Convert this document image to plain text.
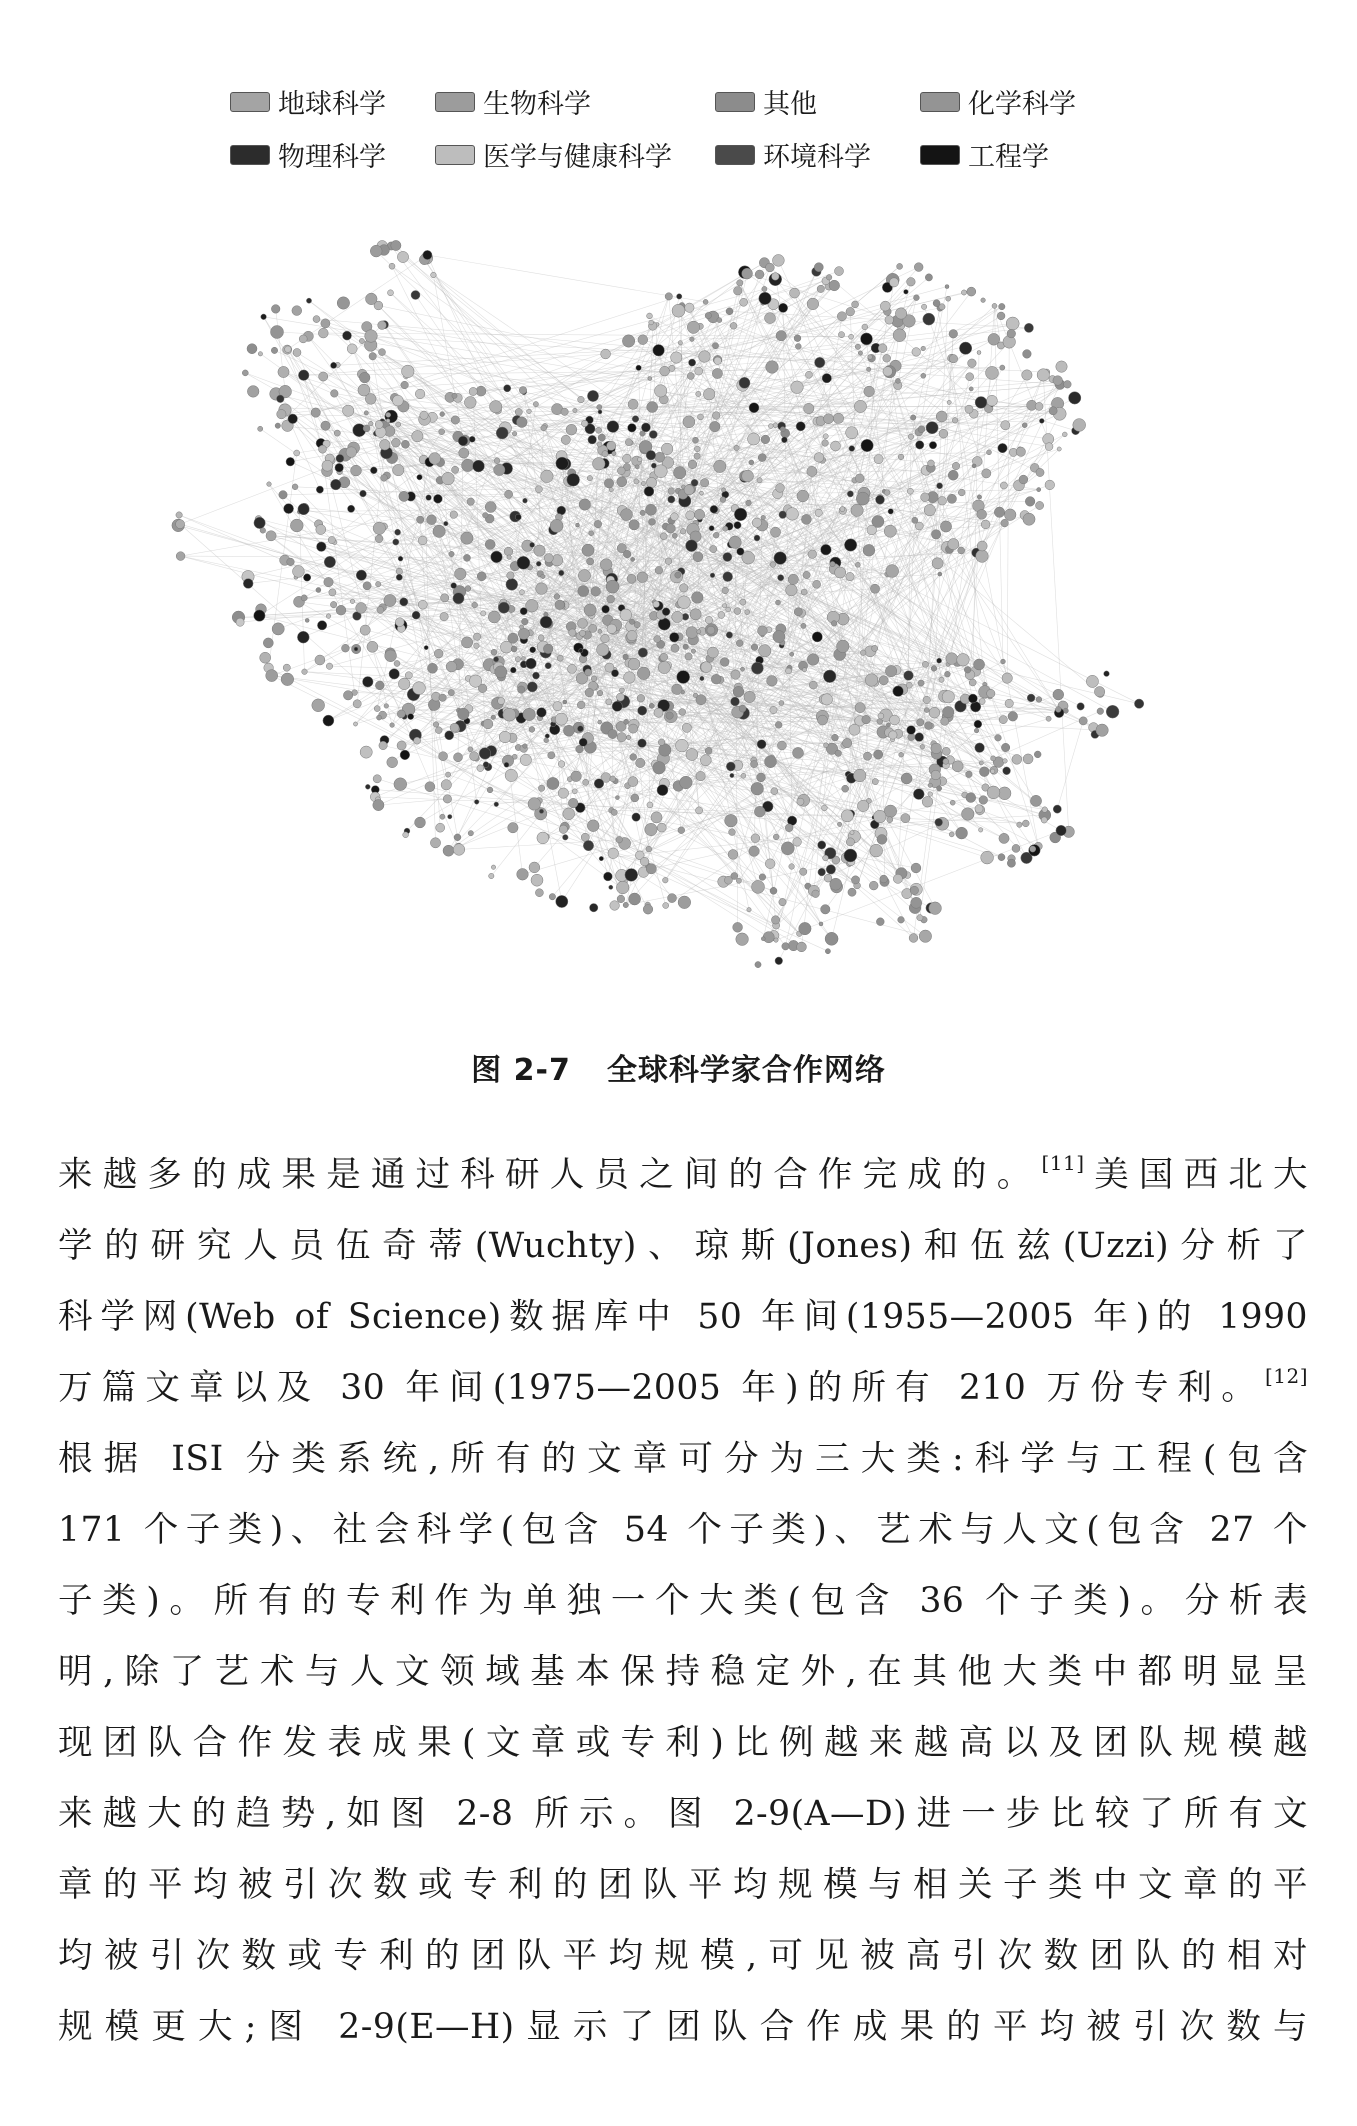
地球科学	生物科学	其他	化学科学
物理科学	医学与健康科学	环境科学	工程学
图 2-7 全球科学家合作网络
来越多的成果是通过科研人员之间的合作完成的。[11]美国西北大
学的研究人员伍奇蒂(Wuchty)、琼斯(Jones)和伍兹(Uzzi)分析了
科学网(Web of Science)数据库中 50 年间(1955—2005 年)的 1990
万篇文章以及 30 年间(1975—2005 年)的所有 210 万份专利。[12]
根据 ISI 分类系统,所有的文章可分为三大类:科学与工程(包含
171 个子类)、社会科学(包含 54 个子类)、艺术与人文(包含 27 个
子类)。所有的专利作为单独一个大类(包含 36 个子类)。分析表
明,除了艺术与人文领域基本保持稳定外,在其他大类中都明显呈
现团队合作发表成果(文章或专利)比例越来越高以及团队规模越
来越大的趋势,如图 2-8 所示。图 2-9(A—D)进一步比较了所有文
章的平均被引次数或专利的团队平均规模与相关子类中文章的平
均被引次数或专利的团队平均规模,可见被高引次数团队的相对
规模更大;图 2-9(E—H)显示了团队合作成果的平均被引次数与
